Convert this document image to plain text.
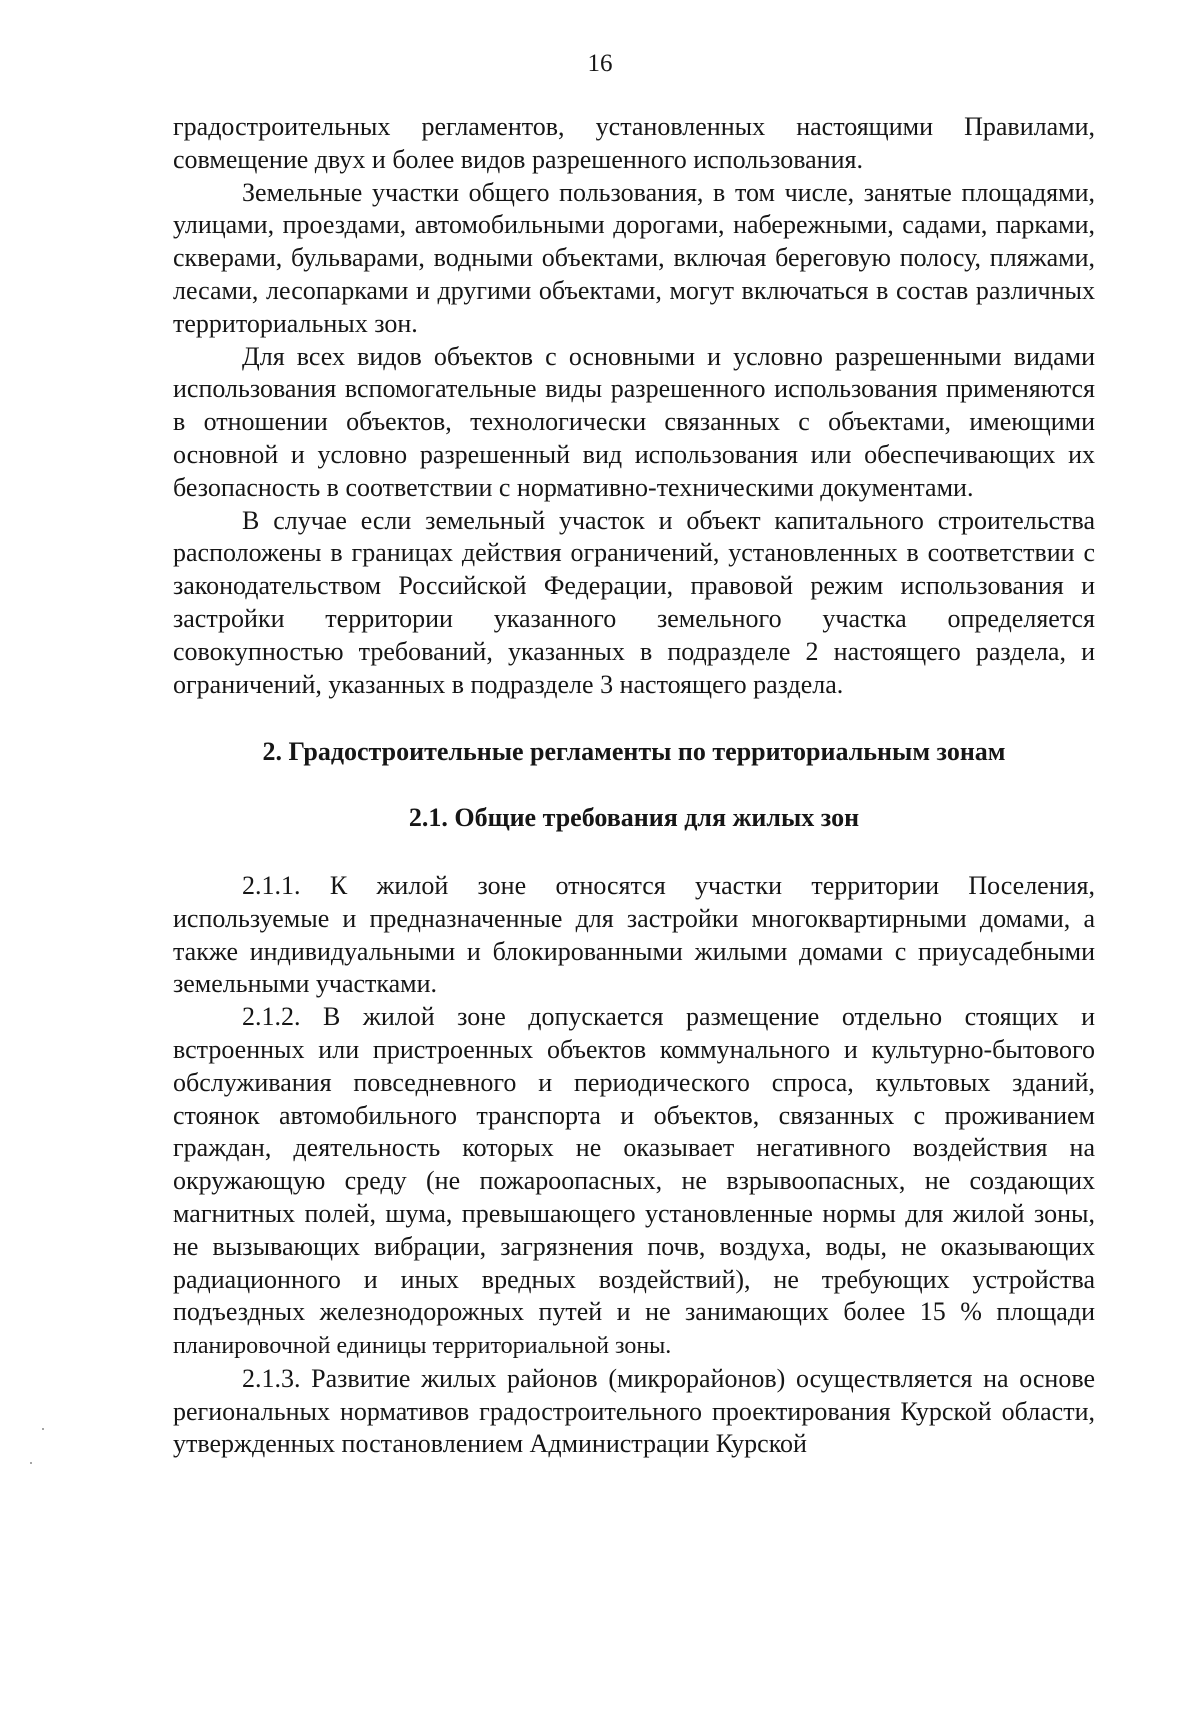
16

градостроительных регламентов, установленных настоящими Правилами, совмещение двух и более видов разрешенного использования.

Земельные участки общего пользования, в том числе, занятые площадями, улицами, проездами, автомобильными дорогами, набережными, садами, парками, скверами, бульварами, водными объектами, включая береговую полосу, пляжами, лесами, лесопарками и другими объектами, могут включаться в состав различных территориальных зон.

Для всех видов объектов с основными и условно разрешенными видами использования вспомогательные виды разрешенного использования применяются в отношении объектов, технологически связанных с объектами, имеющими основной и условно разрешенный вид использования или обеспечивающих их безопасность в соответствии с нормативно-техническими документами.

В случае если земельный участок и объект капитального строительства расположены в границах действия ограничений, установленных в соответствии с законодательством Российской Федерации, правовой режим использования и застройки территории указанного земельного участка определяется совокупностью требований, указанных в подразделе 2 настоящего раздела, и ограничений, указанных в подразделе 3 настоящего раздела.

2. Градостроительные регламенты по территориальным зонам
2.1. Общие требования для жилых зон

2.1.1. К жилой зоне относятся участки территории Поселения, используемые и предназначенные для застройки многоквартирными домами, а также индивидуальными и блокированными жилыми домами с приусадебными земельными участками.

2.1.2. В жилой зоне допускается размещение отдельно стоящих и встроенных или пристроенных объектов коммунального и культурно-бытового обслуживания повседневного и периодического спроса, культовых зданий, стоянок автомобильного транспорта и объектов, связанных с проживанием граждан, деятельность которых не оказывает негативного воздействия на окружающую среду (не пожароопасных, не взрывоопасных, не создающих магнитных полей, шума, превышающего установленные нормы для жилой зоны, не вызывающих вибрации, загрязнения почв, воздуха, воды, не оказывающих радиационного и иных вредных воздействий), не требующих устройства подъездных железнодорожных путей и не занимающих более 15 % площади планировочной единицы территориальной зоны.

2.1.3. Развитие жилых районов (микрорайонов) осуществляется на основе региональных нормативов градостроительного проектирования Курской области, утвержденных постановлением Администрации Курской
